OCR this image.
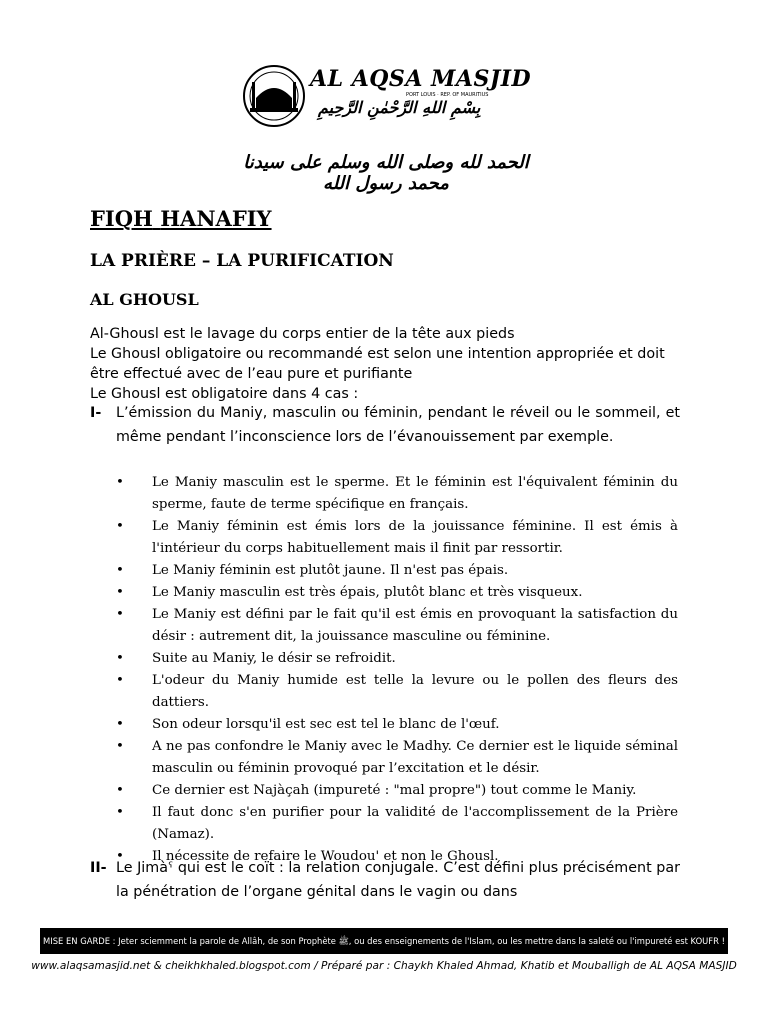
AL AQSA MASJID
PORT LOUIS · REP. OF MAURITIUS
بِسْمِ اللهِ الرَّحْمٰنِ الرَّحِيمِ
الحمد لله وصلى الله وسلم على سيدنا محمد رسول الله
FIQH HANAFIY
LA PRIÈRE – LA PURIFICATION
AL GHOUSL

Al-Ghousl est le lavage du corps entier de la tête aux pieds

Le Ghousl obligatoire ou recommandé est selon une intention appropriée et doit être effectué avec de l’eau pure et purifiante

Le Ghousl est obligatoire dans 4 cas :

I- L’émission du Maniy, masculin ou féminin, pendant le réveil ou le sommeil, et même pendant l’inconscience lors de l’évanouissement par exemple.
• Le Maniy masculin est le sperme. Et le féminin est l'équivalent féminin du sperme, faute de terme spécifique en français.
• Le Maniy féminin est émis lors de la jouissance féminine. Il est émis à l'intérieur du corps habituellement mais il finit par ressortir.
• Le Maniy féminin est plutôt jaune. Il n'est pas épais.
• Le Maniy masculin est très épais, plutôt blanc et très visqueux.
• Le Maniy est défini par le fait qu'il est émis en provoquant la satisfaction du désir : autrement dit, la jouissance masculine ou féminine.
• Suite au Maniy, le désir se refroidit.
• L'odeur du Maniy humide est telle la levure ou le pollen des fleurs des dattiers.
• Son odeur lorsqu'il est sec est tel le blanc de l'œuf.
• A ne pas confondre le Maniy avec le Madhy. Ce dernier est le liquide séminal masculin ou féminin provoqué par l’excitation et le désir.
• Ce dernier est Najàçah (impureté : "mal propre") tout comme le Maniy.
• Il faut donc s'en purifier pour la validité de l'accomplissement de la Prière (Namaz).
• Il nécessite de refaire le Woudou' et non le Ghousl.
II- Le Jimàˤ qui est le coït : la relation conjugale. C’est défini plus précisément par la pénétration de l’organe génital dans le vagin ou dans
MISE EN GARDE : Jeter sciemment la parole de Allâh, de son Prophète ﷺ, ou des enseignements de l'Islam, ou les mettre dans la saleté ou l'impureté est KOUFR !
www.alaqsamasjid.net & cheikhkhaled.blogspot.com / Préparé par : Chaykh Khaled Ahmad, Khatib et Mouballigh de AL AQSA MASJID
